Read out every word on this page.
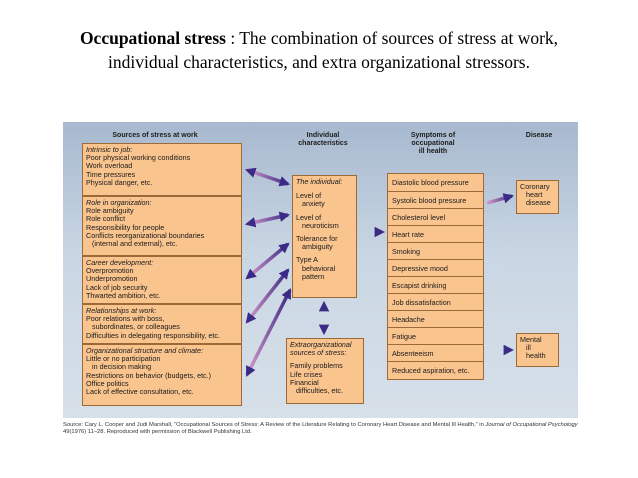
Occupational stress : The combination of sources of stress at work,
individual characteristics, and extra organizational stressors.
Sources of stress at work	Individual
characteristics
Symptoms of
occupational
ill health
Disease
Intrinsic to job:
Poor physical working conditions
Work overload
Time pressures
Physical danger, etc.
Role in organization:
Role ambiguity
Role conflict
Responsibility for people
Conflicts reorganizational boundaries
(internal and external), etc.
Career development:
Overpromotion
Underpromotion
Lack of job security
Thwarted ambition, etc.
Relationships at work:
Poor relations with boss,
subordinates, or colleagues
Difficulties in delegating responsibility, etc.
Organizational structure and climate:
Little or no participation
in decision making
Restrictions on behavior (budgets, etc.)
Office politics
Lack of effective consultation, etc.
The individual:
Level of
anxiety
Level of
neuroticism
Tolerance for
ambiguity
Type A
behavioral
pattern
Extraorganizational
sources of stress:
Family problems
Life crises
Financial
difficulties, etc.
Diastolic blood pressure
Systolic blood pressure
Cholesterol level
Heart rate
Smoking
Depressive mood
Escapist drinking
Job dissatisfaction
Headache
Fatigue
Absenteeism
Reduced aspiration, etc.
Coronary
heart
disease
Mental
ill
health
Source: Cary L. Cooper and Judi Marshall, “Occupational Sources of Stress: A Review of the Literature Relating to Coronary Heart Disease and Mental Ill Health,” in Journal of Occupational Psychology 49(1976) 11–28. Reproduced with permission of Blackwell Publishing Ltd.
